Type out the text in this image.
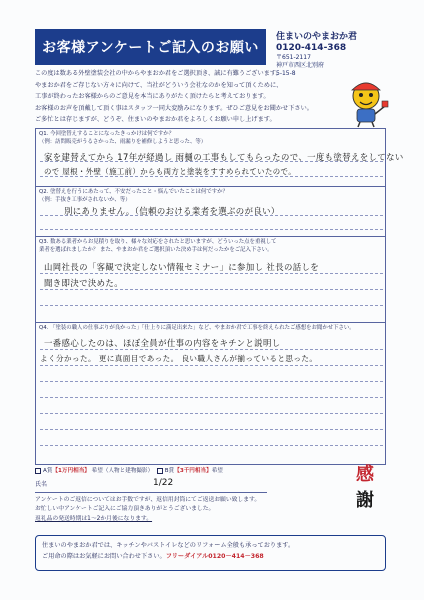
お客様アンケートご記入のお願い
住まいのやまおか君
0120-414-368
〒651-2117
神戸市西区北別府
5-15-8
この度は数ある外壁塗装会社の中からやまおか君をご選択頂き、誠に有難うございます。
やまおか君をご存じない方々に向けて、当社がどういう会社なのかを知って頂くために、
工事が終わったお客様からのご意見を本当にありがたく頂けたらと考えております。
お客様のお声を頂戴して頂く事はスタッフ一同大変励みになります。ぜひご意見をお聞かせ下さい。
ご多忙とは存じますが、どうぞ、住まいのやまおか君をよろしくお願い申し上げます。
Q1. 今回塗替えすることになったきっかけは何ですか？
（例：訪問販売がうるさかった、雨漏りを補修しようと思った、等）
家を建替えてから 17年が経過し 雨樋の工事もしてもらったので、一度も塗替えをしてない
ので 屋根・外壁（施工前）からも両方と塗装をすすめられていたので。
Q2. 塗替えを行うにあたって、不安だったこと・悩んでいたことは何ですか？
（例：手抜き工事がされないか、等）
別にありません。（信頼のおける業者を選ぶのが良い）
Q3. 数ある業者からお見積りを取り、様々な対応をされたと思いますが、どういった点を重視して
業者を選ばれましたか？ また、やまおか君をご選択頂いた決め手は何だったかをご記入下さい。
山岡社長の「客観で決定しない情報セミナー」に参加し 社長の話しを
聞き即決で決めた。
Q4. 「塗装の職人の仕事ぶりが良かった」「仕上りに満足出来た」など、やまおか君で工事を終えられたご感想をお聞かせ下さい。
一番感心したのは、ほぼ全員が仕事の内容をキチンと説明し
よく分かった。 更に真面目であった。 良い職人さんが揃っていると思った。
A賞【1万円相当】 希望（人物と建物撮影） B賞【3千円相当】希望
氏名	1/22
アンケートのご返信についてはお手数ですが、返信用封筒にてご返送お願い致します。
お忙しい中アンケートご記入にご協力頂きありがとうございました。
返礼品の発送時期は1〜2か月後になります。
感
謝
住まいのやまおか君では、キッチンやバストイレなどのリフォーム全般も承っております。
ご用命の際はお気軽にお問い合わせ下さい。フリーダイアル0120－414－368
